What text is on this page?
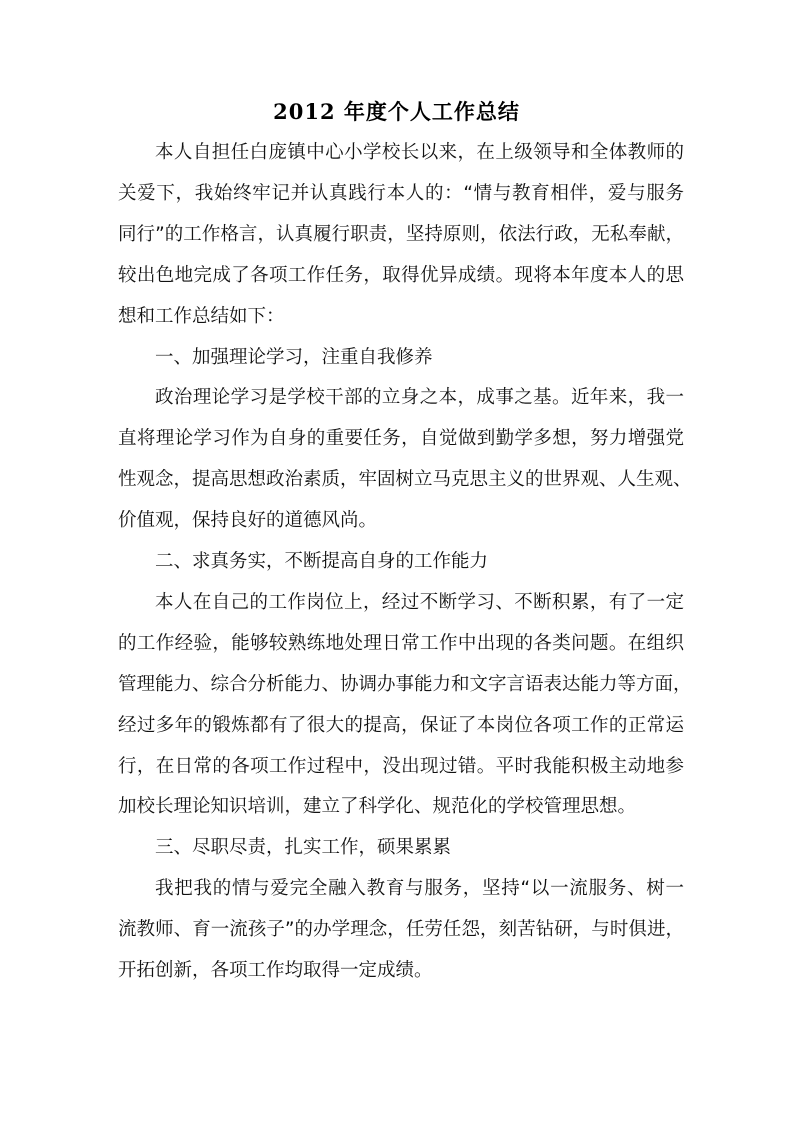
2012 年度个人工作总结
本人自担任白庞镇中心小学校长以来，在上级领导和全体教师的
关爱下，我始终牢记并认真践行本人的：“情与教育相伴，爱与服务
同行”的工作格言，认真履行职责，坚持原则，依法行政，无私奉献，
较出色地完成了各项工作任务，取得优异成绩。现将本年度本人的思
想和工作总结如下：
一、加强理论学习，注重自我修养
政治理论学习是学校干部的立身之本，成事之基。近年来，我一
直将理论学习作为自身的重要任务，自觉做到勤学多想，努力增强党
性观念，提高思想政治素质，牢固树立马克思主义的世界观、人生观、
价值观，保持良好的道德风尚。
二、求真务实，不断提高自身的工作能力
本人在自己的工作岗位上，经过不断学习、不断积累，有了一定
的工作经验，能够较熟练地处理日常工作中出现的各类问题。在组织
管理能力、综合分析能力、协调办事能力和文字言语表达能力等方面，
经过多年的锻炼都有了很大的提高，保证了本岗位各项工作的正常运
行，在日常的各项工作过程中，没出现过错。平时我能积极主动地参
加校长理论知识培训，建立了科学化、规范化的学校管理思想。
三、尽职尽责，扎实工作，硕果累累
我把我的情与爱完全融入教育与服务，坚持“以一流服务、树一
流教师、育一流孩子”的办学理念，任劳任怨，刻苦钻研，与时俱进，
开拓创新，各项工作均取得一定成绩。
